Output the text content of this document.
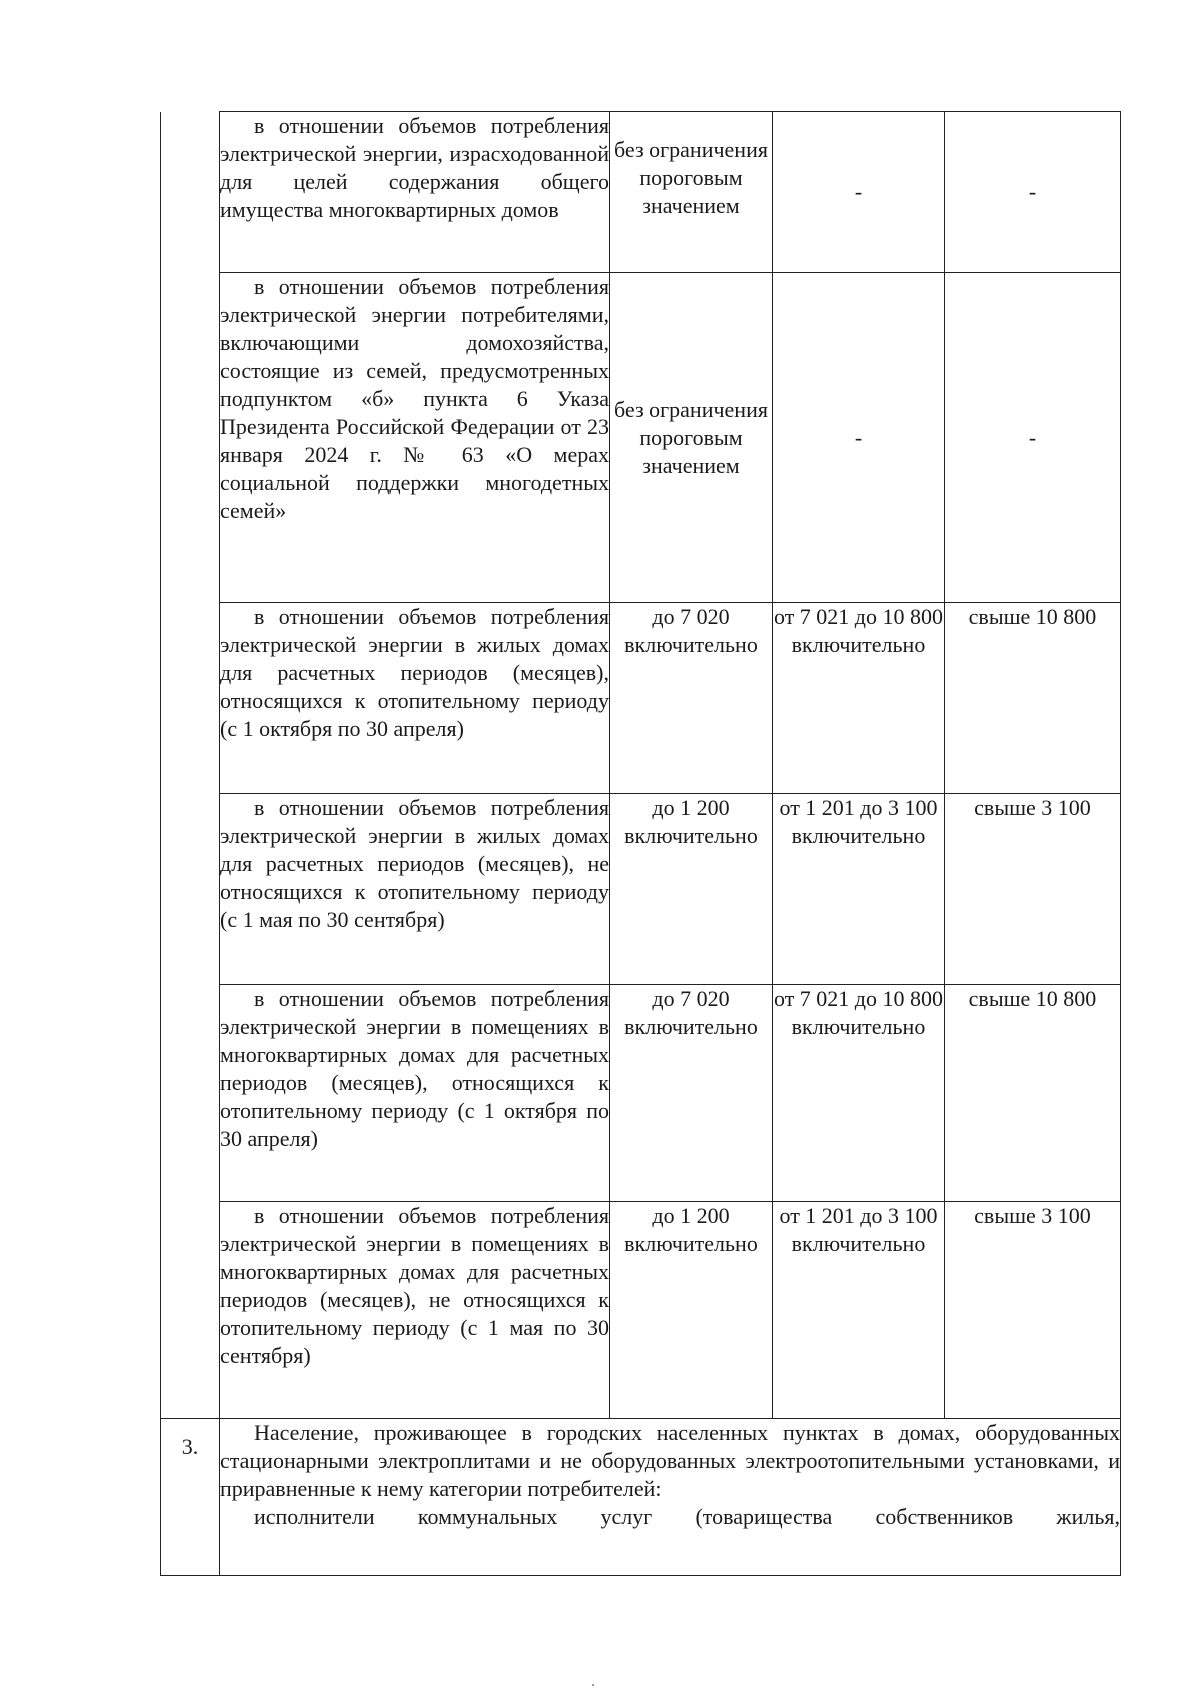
	в отношении объемов потребления электрической энергии, израсходованной для целей содержания общего имущества многоквартирных домов	без ограничения пороговым значением	-	-
	в отношении объемов потребления электрической энергии потребителями, включающими домохозяйства, состоящие из семей, предусмотренных подпунктом «б» пункта 6 Указа Президента Российской Федерации от 23 января 2024 г. № 63 «О мерах социальной поддержки многодетных семей»	без ограничения пороговым значением	-	-
	в отношении объемов потребления электрической энергии в жилых домах для расчетных периодов (месяцев), относящихся к отопительному периоду (с 1 октября по 30 апреля)	до 7 020 включительно	от 7 021 до 10 800 включительно	свыше 10 800
	в отношении объемов потребления электрической энергии в жилых домах для расчетных периодов (месяцев), не относящихся к отопительному периоду (с 1 мая по 30 сентября)	до 1 200 включительно	от 1 201 до 3 100 включительно	свыше 3 100
	в отношении объемов потребления электрической энергии в помещениях в многоквартирных домах для расчетных периодов (месяцев), относящихся к отопительному периоду (с 1 октября по 30 апреля)	до 7 020 включительно	от 7 021 до 10 800 включительно	свыше 10 800
	в отношении объемов потребления электрической энергии в помещениях в многоквартирных домах для расчетных периодов (месяцев), не относящихся к отопительному периоду (с 1 мая по 30 сентября)	до 1 200 включительно	от 1 201 до 3 100 включительно	свыше 3 100
3.	Население, проживающее в городских населенных пунктах в домах, оборудованных стационарными электроплитами и не оборудованных электроотопительными установками, и приравненные к нему категории потребителей:

исполнители коммунальных услуг (товарищества собственников жилья,			
